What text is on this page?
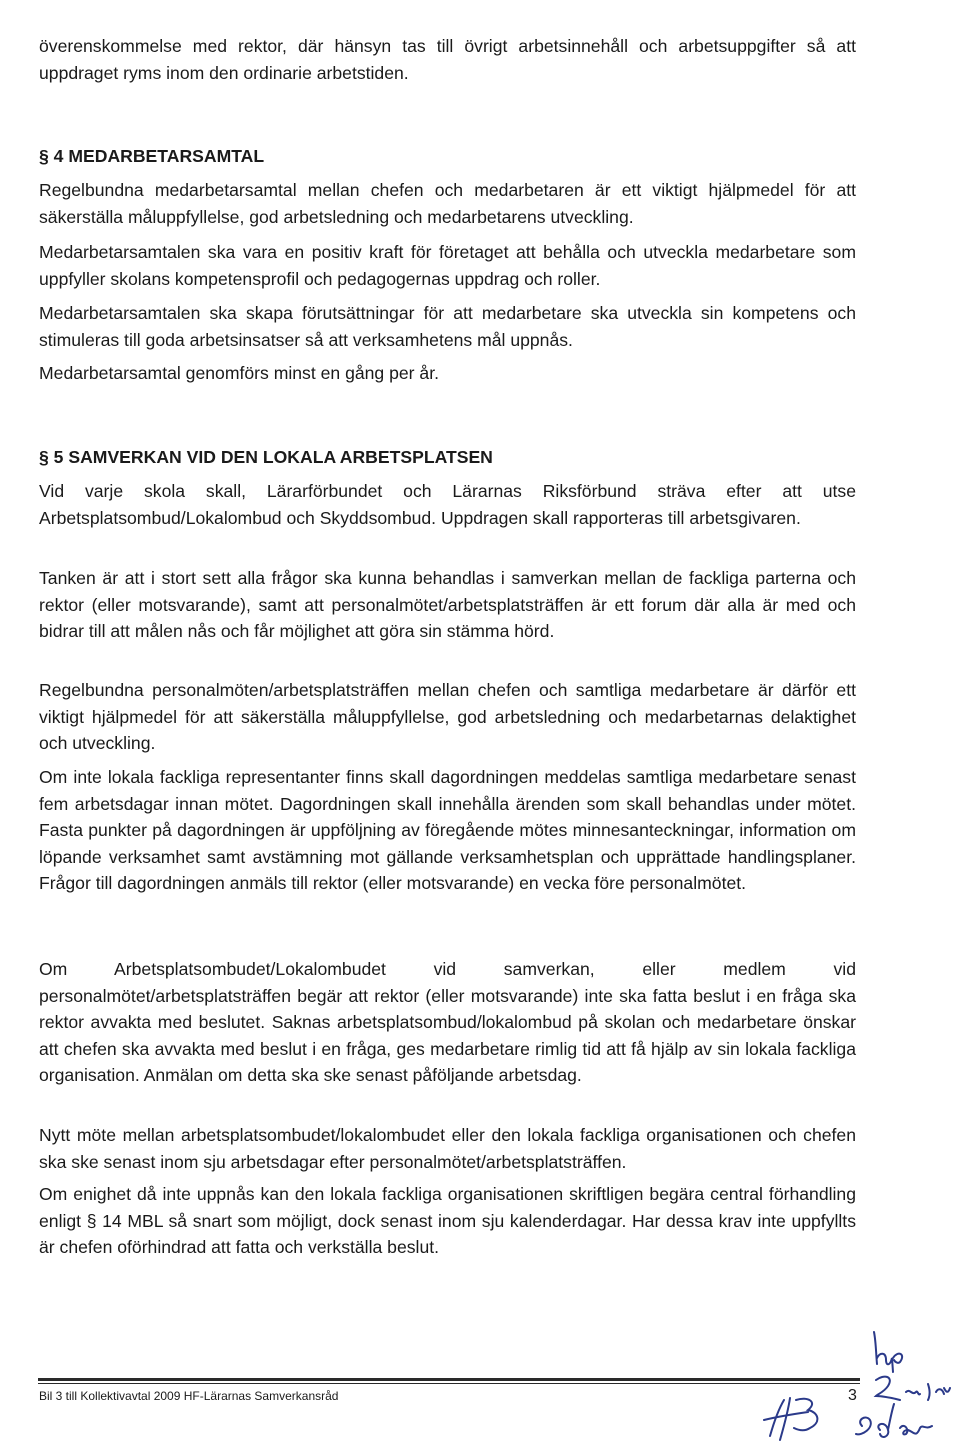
överenskommelse med rektor, där hänsyn tas till övrigt arbetsinnehåll och arbetsuppgifter så att uppdraget ryms inom den ordinarie arbetstiden.

§ 4 MEDARBETARSAMTAL

Regelbundna medarbetarsamtal mellan chefen och medarbetaren är ett viktigt hjälpmedel för att säkerställa måluppfyllelse, god arbetsledning och medarbetarens utveckling.

Medarbetarsamtalen ska vara en positiv kraft för företaget att behålla och utveckla medarbetare som uppfyller skolans kompetensprofil och pedagogernas uppdrag och roller.

Medarbetarsamtalen ska skapa förutsättningar för att medarbetare ska utveckla sin kompetens och stimuleras till goda arbetsinsatser så att verksamhetens mål uppnås.

Medarbetarsamtal genomförs minst en gång per år.

§ 5 SAMVERKAN VID DEN LOKALA ARBETSPLATSEN

Vid varje skola skall, Lärarförbundet och Lärarnas Riksförbund sträva efter att utse Arbetsplatsombud/Lokalombud och Skyddsombud. Uppdragen skall rapporteras till arbetsgivaren.

Tanken är att i stort sett alla frågor ska kunna behandlas i samverkan mellan de fackliga parterna och rektor (eller motsvarande), samt att personalmötet/arbetsplatsträffen är ett forum där alla är med och bidrar till att målen nås och får möjlighet att göra sin stämma hörd.

Regelbundna personalmöten/arbetsplatsträffen mellan chefen och samtliga medarbetare är därför ett viktigt hjälpmedel för att säkerställa måluppfyllelse, god arbetsledning och medarbetarnas delaktighet och utveckling.

Om inte lokala fackliga representanter finns skall dagordningen meddelas samtliga medarbetare senast fem arbetsdagar innan mötet. Dagordningen skall innehålla ärenden som skall behandlas under mötet. Fasta punkter på dagordningen är uppföljning av föregående mötes minnesanteckningar, information om löpande verksamhet samt avstämning mot gällande verksamhetsplan och upprättade handlingsplaner. Frågor till dagordningen anmäls till rektor (eller motsvarande) en vecka före personalmötet.

Om Arbetsplatsombudet/Lokalombudet vid samverkan, eller medlem vid personalmötet/arbetsplatsträffen begär att rektor (eller motsvarande) inte ska fatta beslut i en fråga ska rektor avvakta med beslutet. Saknas arbetsplatsombud/lokalombud på skolan och medarbetare önskar att chefen ska avvakta med beslut i en fråga, ges medarbetare rimlig tid att få hjälp av sin lokala fackliga organisation. Anmälan om detta ska ske senast påföljande arbetsdag.

Nytt möte mellan arbetsplatsombudet/lokalombudet eller den lokala fackliga organisationen och chefen ska ske senast inom sju arbetsdagar efter personalmötet/arbetsplatsträffen.

Om enighet då inte uppnås kan den lokala fackliga organisationen skriftligen begära central förhandling enligt § 14 MBL så snart som möjligt, dock senast inom sju kalenderdagar. Har dessa krav inte uppfyllts är chefen oförhindrad att fatta och verkställa beslut.

Bil 3 till Kollektivavtal 2009 HF-Lärarnas Samverkansråd	3
